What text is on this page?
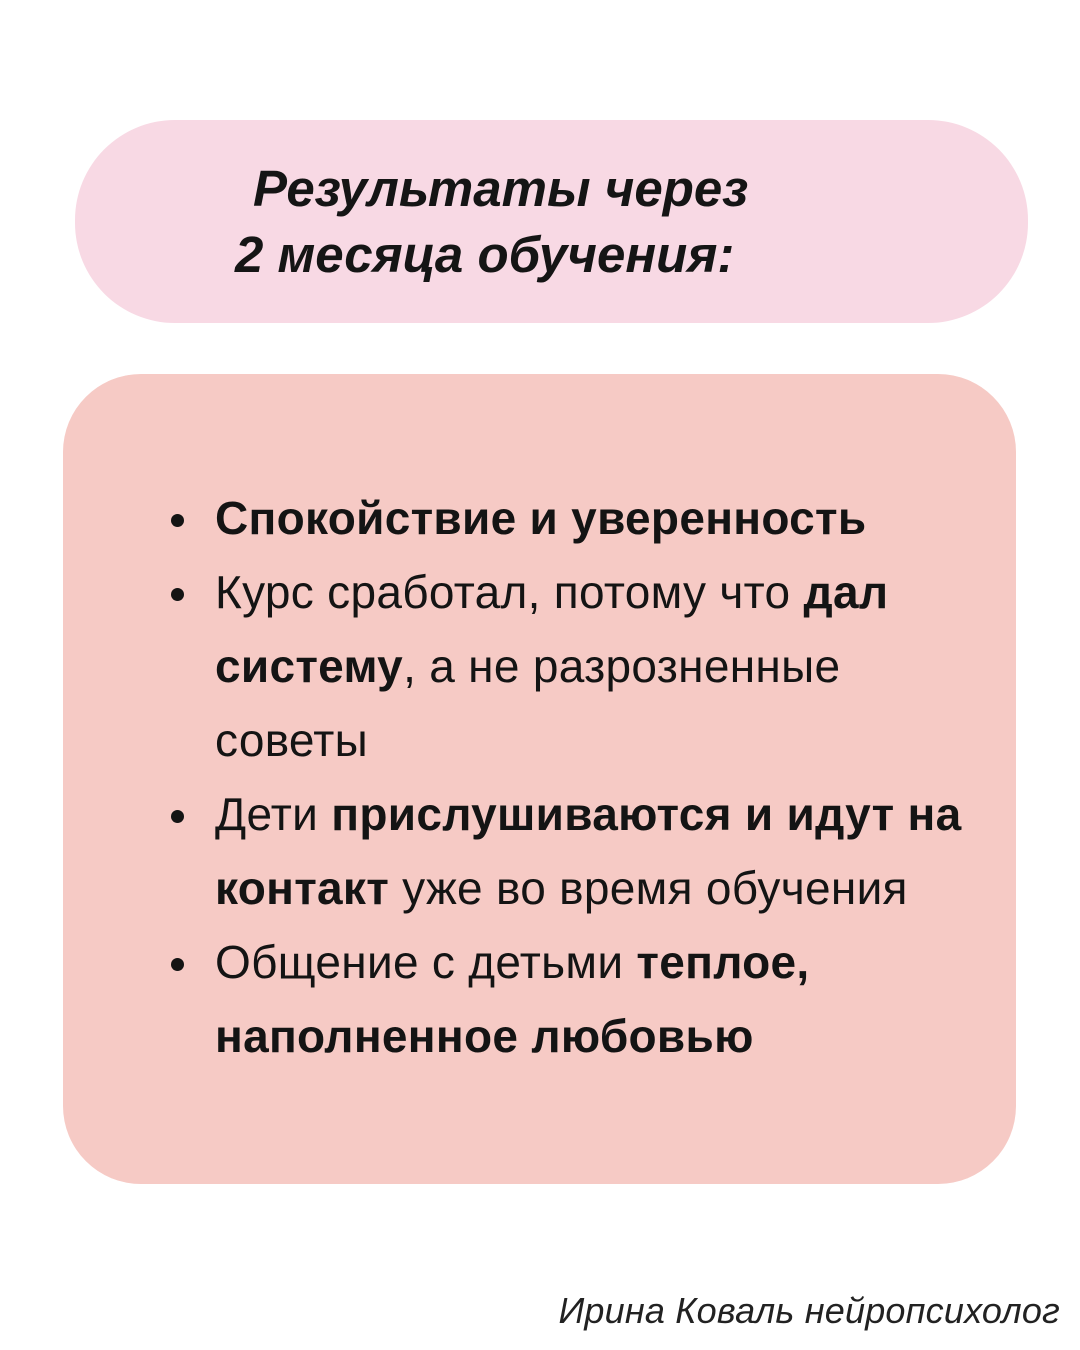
Результаты через
2 месяца обучения:
Спокойствие и уверенность
Курс сработал, потому что дал систему, а не разрозненные советы
Дети прислушиваются и идут на контакт уже во время обучения
Общение с детьми теплое, наполненное любовью
Ирина Коваль нейропсихолог
